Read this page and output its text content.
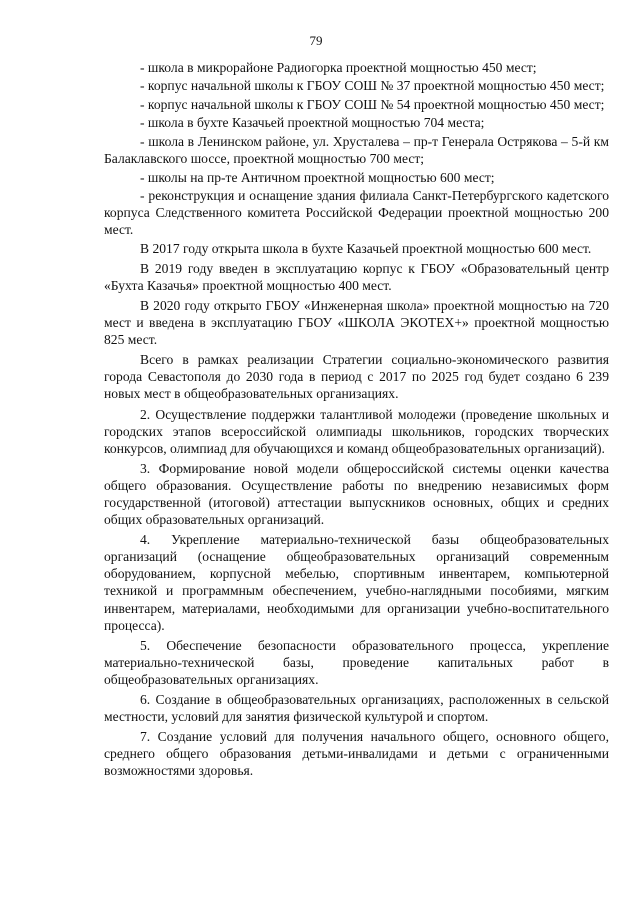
79

- школа в микрорайоне Радиогорка проектной мощностью 450 мест;

- корпус начальной школы к ГБОУ СОШ № 37 проектной мощностью 450 мест;

- корпус начальной школы к ГБОУ СОШ № 54 проектной мощностью 450 мест;

- школа в бухте Казачьей проектной мощностью 704 места;

- школа в Ленинском районе, ул. Хрусталева – пр-т Генерала Острякова – 5-й км Балаклавского шоссе, проектной мощностью 700 мест;

- школы на пр-те Античном проектной мощностью 600 мест;

- реконструкция и оснащение здания филиала Санкт-Петербургского кадетского корпуса Следственного комитета Российской Федерации проектной мощностью 200 мест.

В 2017 году открыта школа в бухте Казачьей проектной мощностью 600 мест.

В 2019 году введен в эксплуатацию корпус к ГБОУ «Образовательный центр «Бухта Казачья» проектной мощностью 400 мест.

В 2020 году открыто ГБОУ «Инженерная школа» проектной мощностью на 720 мест и введена в эксплуатацию ГБОУ «ШКОЛА ЭКОТЕХ+» проектной мощностью 825 мест.

Всего в рамках реализации Стратегии социально-экономического развития города Севастополя до 2030 года в период с 2017 по 2025 год будет создано 6 239 новых мест в общеобразовательных организациях.

2. Осуществление поддержки талантливой молодежи (проведение школьных и городских этапов всероссийской олимпиады школьников, городских творческих конкурсов, олимпиад для обучающихся и команд общеобразовательных организаций).

3. Формирование новой модели общероссийской системы оценки качества общего образования. Осуществление работы по внедрению независимых форм государственной (итоговой) аттестации выпускников основных, общих и средних общих образовательных организаций.

4. Укрепление материально-технической базы общеобразовательных организаций (оснащение общеобразовательных организаций современным оборудованием, корпусной мебелью, спортивным инвентарем, компьютерной техникой и программным обеспечением, учебно-наглядными пособиями, мягким инвентарем, материалами, необходимыми для организации учебно-воспитательного процесса).

5. Обеспечение безопасности образовательного процесса, укрепление материально-технической базы, проведение капитальных работ в общеобразовательных организациях.

6. Создание в общеобразовательных организациях, расположенных в сельской местности, условий для занятия физической культурой и спортом.

7. Создание условий для получения начального общего, основного общего, среднего общего образования детьми-инвалидами и детьми с ограниченными возможностями здоровья.
